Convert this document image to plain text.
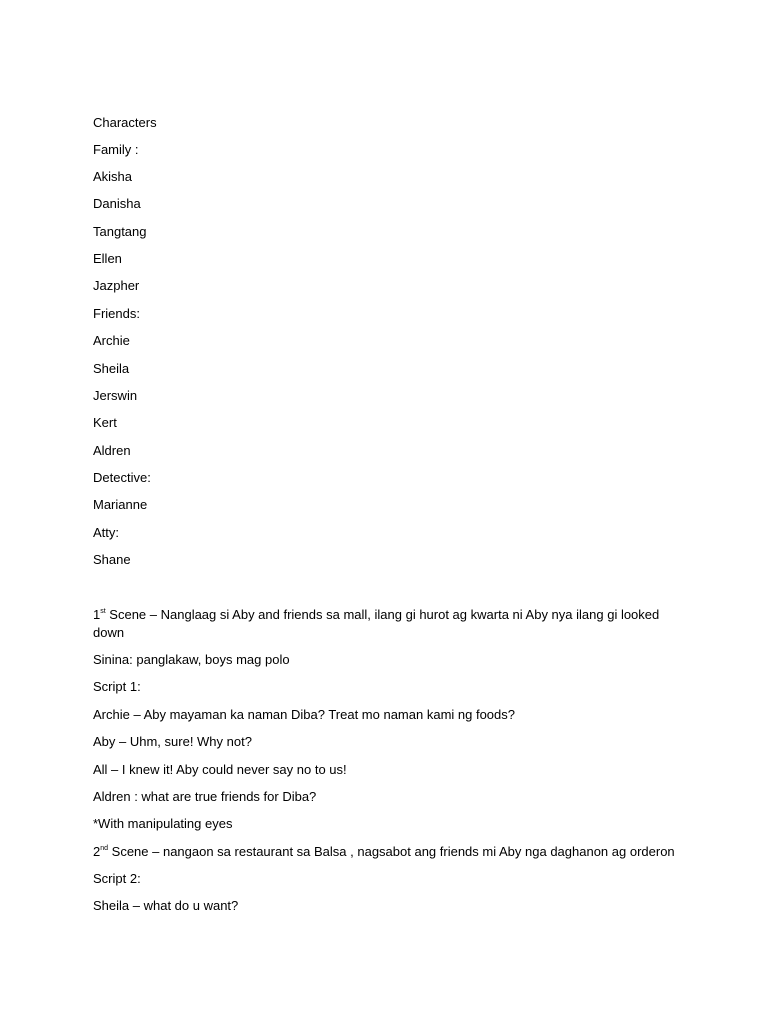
Characters

Family :

Akisha

Danisha

Tangtang

Ellen

Jazpher

Friends:

Archie

Sheila

Jerswin

Kert

Aldren

Detective:

Marianne

Atty:

Shane

1st Scene – Nanglaag si Aby and friends sa mall, ilang gi hurot ag kwarta ni Aby nya ilang gi looked down

Sinina: panglakaw, boys mag polo

Script 1:

Archie – Aby mayaman ka naman Diba? Treat mo naman kami ng foods?

Aby – Uhm, sure! Why not?

All – I knew it! Aby could never say no to us!

Aldren : what are true friends for Diba?

*With manipulating eyes

2nd Scene – nangaon sa restaurant sa Balsa , nagsabot ang friends mi Aby nga daghanon ag orderon

Script 2:

Sheila – what do u want?
